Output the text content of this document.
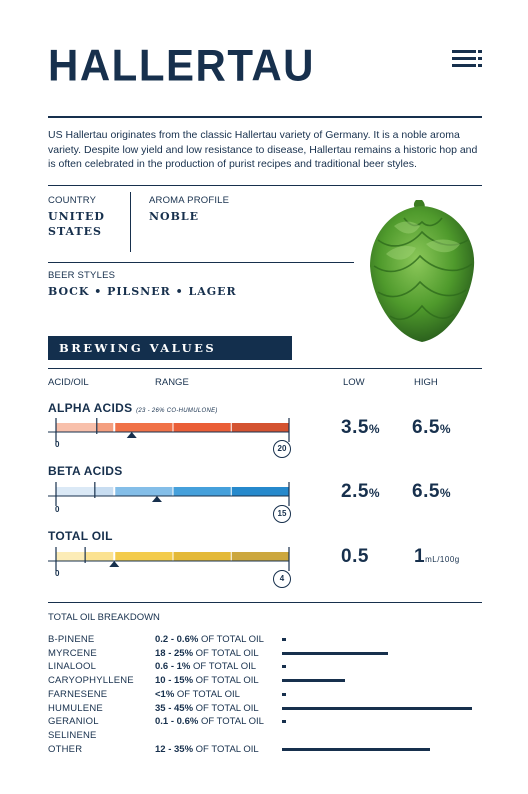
HALLERTAU

US Hallertau originates from the classic Hallertau variety of Germany. It is a noble aroma variety. Despite low yield and low resistance to disease, Hallertau remains a historic hop and is often celebrated in the production of purist recipes and traditional beer styles.

COUNTRY
UNITED
STATES
AROMA PROFILE
NOBLE
BEER STYLES
BOCK • PILSNER • LAGER
BREWING VALUES
ACID/OIL	RANGE	LOW	HIGH
ALPHA ACIDS (23 - 26% CO-HUMULONE)
0	20
3.5% 6.5%
BETA ACIDS
0	15
2.5% 6.5%
TOTAL OIL
0
4
0.5 1mL/100g
TOTAL OIL BREAKDOWN
B-PINENE	0.2 - 0.6% OF TOTAL OIL
MYRCENE	18 - 25% OF TOTAL OIL
LINALOOL	0.6 - 1% OF TOTAL OIL
CARYOPHYLLENE 10 - 15% OF TOTAL OIL
FARNESENE	<1% OF TOTAL OIL
HUMULENE	35 - 45% OF TOTAL OIL
GERANIOL	0.1 - 0.6% OF TOTAL OIL
SELINENE
OTHER	12 - 35% OF TOTAL OIL
